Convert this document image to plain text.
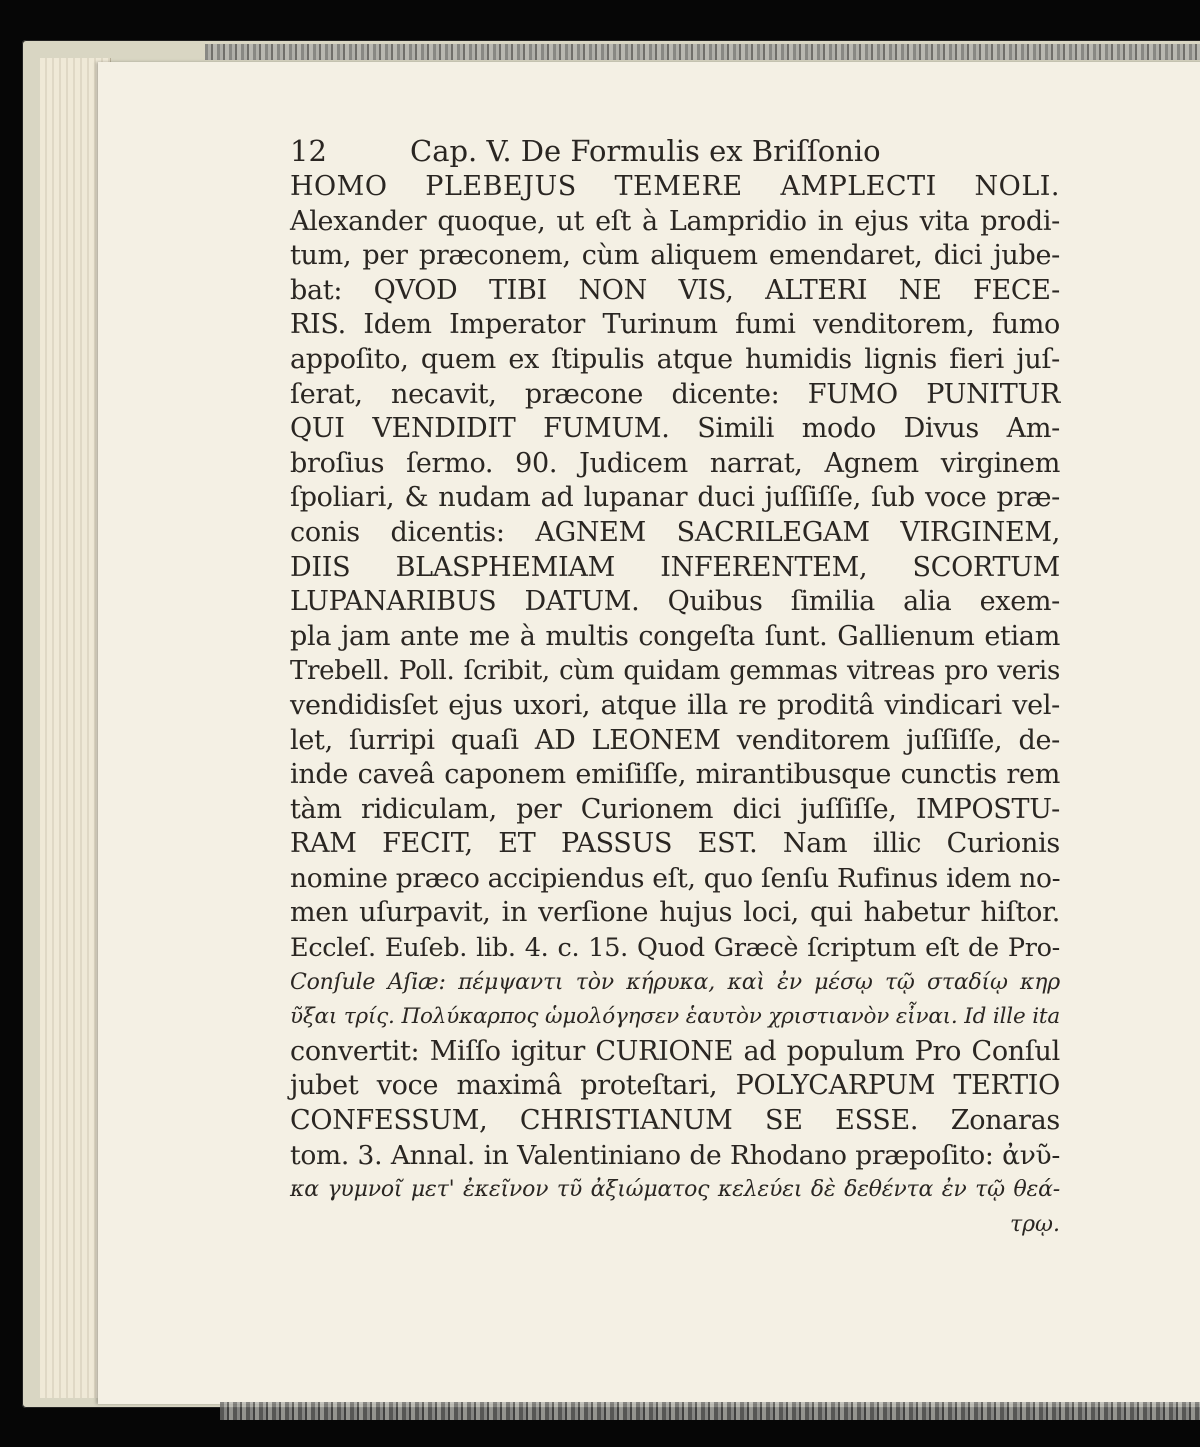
12	Cap. V. De Formulis ex Briſſonio
HOMO PLEBEJUS TEMERE AMPLECTI NOLI.
Alexander quoque, ut eſt à Lampridio in ejus vita prodi-
tum, per præconem, cùm aliquem emendaret, dici jube-
bat: QVOD TIBI NON VIS, ALTERI NE FECE-
RIS. Idem Imperator Turinum fumi venditorem, fumo
appoſito, quem ex ſtipulis atque humidis lignis fieri juſ-
ſerat, necavit, præcone dicente: FUMO PUNITUR
QUI VENDIDIT FUMUM. Simili modo Divus Am-
broſius ſermo. 90. Judicem narrat, Agnem virginem
ſpoliari, & nudam ad lupanar duci juſſiſſe, ſub voce præ-
conis dicentis: AGNEM SACRILEGAM VIRGINEM,
DIIS BLASPHEMIAM INFERENTEM, SCORTUM
LUPANARIBUS DATUM. Quibus ſimilia alia exem-
pla jam ante me à multis congeſta ſunt. Gallienum etiam
Trebell. Poll. ſcribit, cùm quidam gemmas vitreas pro veris
vendidisſet ejus uxori, atque illa re proditâ vindicari vel-
let, ſurripi quaſi AD LEONEM venditorem juſſiſſe, de-
inde caveâ caponem emiſiſſe, mirantibusque cunctis rem
tàm ridiculam, per Curionem dici juſſiſſe, IMPOSTU-
RAM FECIT, ET PASSUS EST. Nam illic Curionis
nomine præco accipiendus eſt, quo ſenſu Rufinus idem no-
men uſurpavit, in verſione hujus loci, qui habetur hiſtor.
Eccleſ. Euſeb. lib. 4. c. 15. Quod Græcè ſcriptum eſt de Pro-
Conſule Aſiæ: πέμψαντι τὸν κήρυκα, καὶ ἐν μέσῳ τῷ σταδίῳ κηρ
ῦξαι τρίς. Πολύκαρπος ὡμολόγησεν ἑαυτὸν χριστιανὸν εἶναι. Id ille ita
convertit: Miſſo igitur CURIONE ad populum Pro Conſul
jubet voce maximâ proteſtari, POLYCARPUM TERTIO
CONFESSUM, CHRISTIANUM SE ESSE. Zonaras
tom. 3. Annal. in Valentiniano de Rhodano præpoſito: ἀνῦ-
κα γυμνοῖ μετ' ἐκεῖνον τῦ ἀξιώματος κελεύει δὲ δεθέντα ἐν τῷ θεά-
τρῳ.
